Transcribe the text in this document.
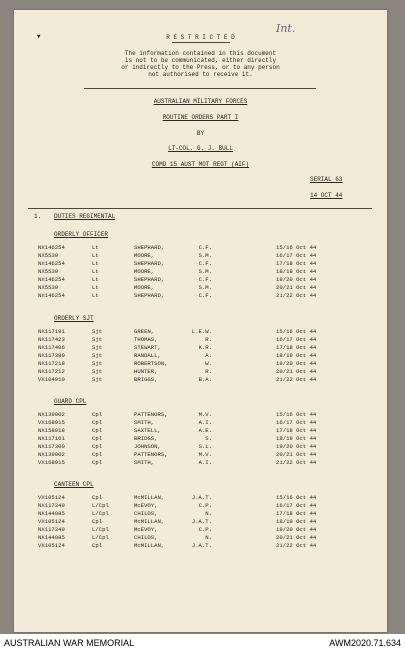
▾
Int.
R E S T R I C T E D
The information contained in this document
is not to be communicated, either directly
or indirectly to the Press, or to any person
not authorised to receive it.
AUSTRALIAN MILITARY FORCES
ROUTINE ORDERS PART I
BY
LT-COL. G. J. BULL
COMD 15 AUST MOT REGT (AIF)
SERIAL 63
14 OCT 44
1. DUTIES REGIMENTAL
ORDERLY OFFICER
NX146254	Lt	SHEPHARD,	C.F.	15/16 Oct 44
NX5530	Lt	MOORE,	S.M.	16/17 Oct 44
NX146254	Lt	SHEPHARD,	C.F.	17/18 Oct 44
NX5530	Lt	MOORE,	S.M.	18/19 Oct 44
NX146254	Lt	SHEPHARD,	C.F.	19/20 Oct 44
NX5530	Lt	MOORE,	S.M.	20/21 Oct 44
NX146254	Lt	SHEPHARD,	C.F.	21/22 Oct 44
ORDERLY SJT
NX117191	Sjt	GREEN,	L.E.W.	15/16 Oct 44
NX117423	Sjt	THOMAS,	R.	16/17 Oct 44
NX117406	Sjt	STEWART,	K.R.	17/18 Oct 44
NX117380	Sjt	RANDALL,	A.	18/19 Oct 44
NX117218	Sjt	ROBERTSON,	W.	19/20 Oct 44
NX117212	Sjt	HUNTER,	R.	20/21 Oct 44
VX104910	Sjt	BRIGGS,	B.A.	21/22 Oct 44
GUARD CPL
NX139002	Cpl	PATTENORS,	M.V.	15/16 Oct 44
VX168915	Cpl	SMITH,	A.I.	16/17 Oct 44
NX158018	Cpl	SAXTELL,	A.E.	17/18 Oct 44
NX117161	Cpl	BRIDGS,	S.	18/19 Oct 44
NX117300	Cpl	JOHNSON,	S.L.	19/20 Oct 44
NX139002	Cpl	PATTENORS,	M.V.	20/21 Oct 44
VX168915	Cpl	SMITH,	A.I.	21/22 Oct 44
CANTEEN CPL
VX105124	Cpl	McMILLAN,	J.A.T.	15/16 Oct 44
NX117349	L/Cpl	McEVOY,	C.P.	16/17 Oct 44
NX144085	L/Cpl	CHILDS,	N.	17/18 Oct 44
VX105124	Cpl	McMILLAN,	J.A.T.	18/19 Oct 44
NX117349	L/Cpl	McEVOY,	C.P.	19/20 Oct 44
NX144085	L/Cpl	CHILDS,	N.	20/21 Oct 44
VX105124	Cpl	McMILLAN,	J.A.T.	21/22 Oct 44
AUSTRALIAN WAR MEMORIAL	AWM2020.71.634
